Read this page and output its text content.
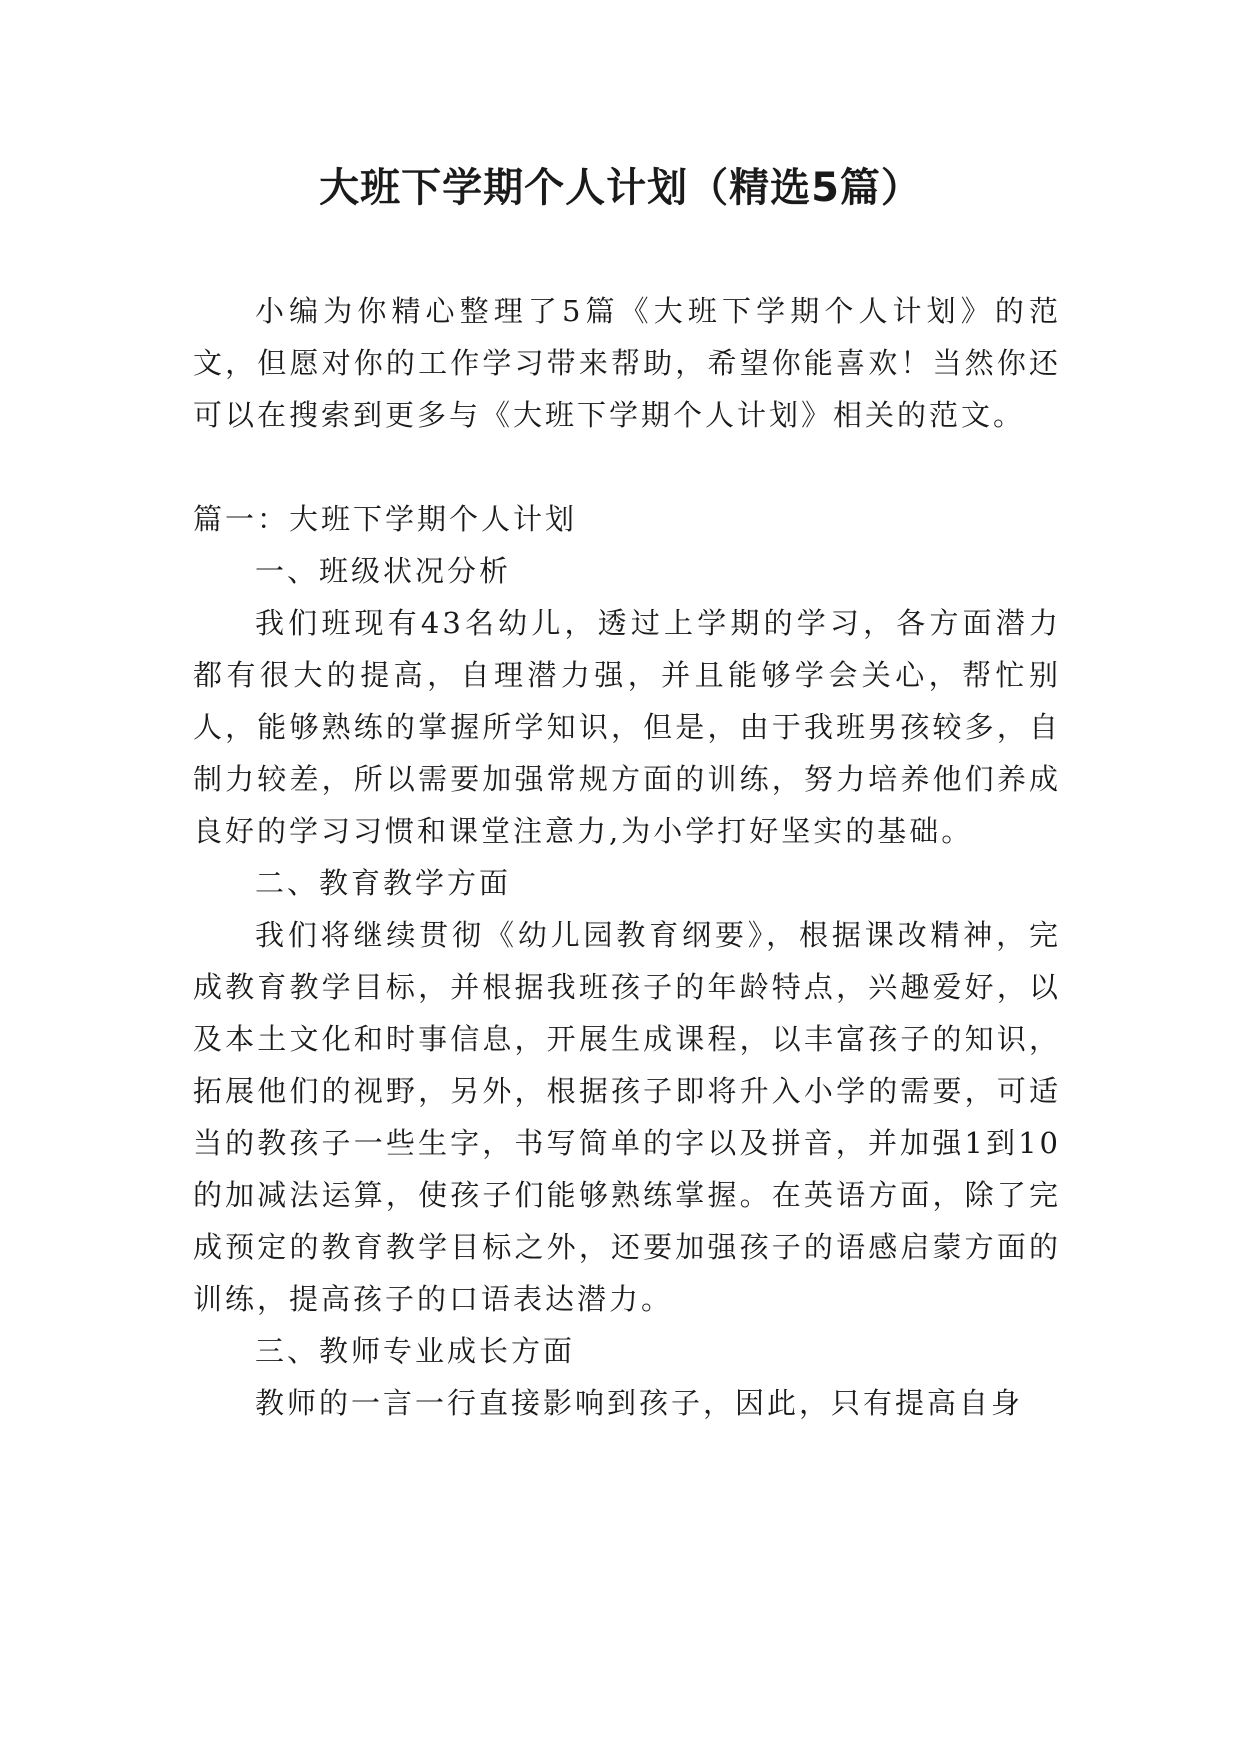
大班下学期个人计划（精选5篇）

小编为你精心整理了5篇《大班下学期个人计划》的范文，但愿对你的工作学习带来帮助，希望你能喜欢！当然你还可以在搜索到更多与《大班下学期个人计划》相关的范文。

篇一：大班下学期个人计划

一、班级状况分析

我们班现有43名幼儿，透过上学期的学习，各方面潜力都有很大的提高，自理潜力强，并且能够学会关心，帮忙别人，能够熟练的掌握所学知识，但是，由于我班男孩较多，自制力较差，所以需要加强常规方面的训练，努力培养他们养成良好的学习习惯和课堂注意力,为小学打好坚实的基础。

二、教育教学方面

我们将继续贯彻《幼儿园教育纲要》，根据课改精神，完成教育教学目标，并根据我班孩子的年龄特点，兴趣爱好，以及本土文化和时事信息，开展生成课程，以丰富孩子的知识，拓展他们的视野，另外，根据孩子即将升入小学的需要，可适当的教孩子一些生字，书写简单的字以及拼音，并加强1到10的加减法运算，使孩子们能够熟练掌握。在英语方面，除了完成预定的教育教学目标之外，还要加强孩子的语感启蒙方面的训练，提高孩子的口语表达潜力。

三、教师专业成长方面

教师的一言一行直接影响到孩子，因此，只有提高自身
